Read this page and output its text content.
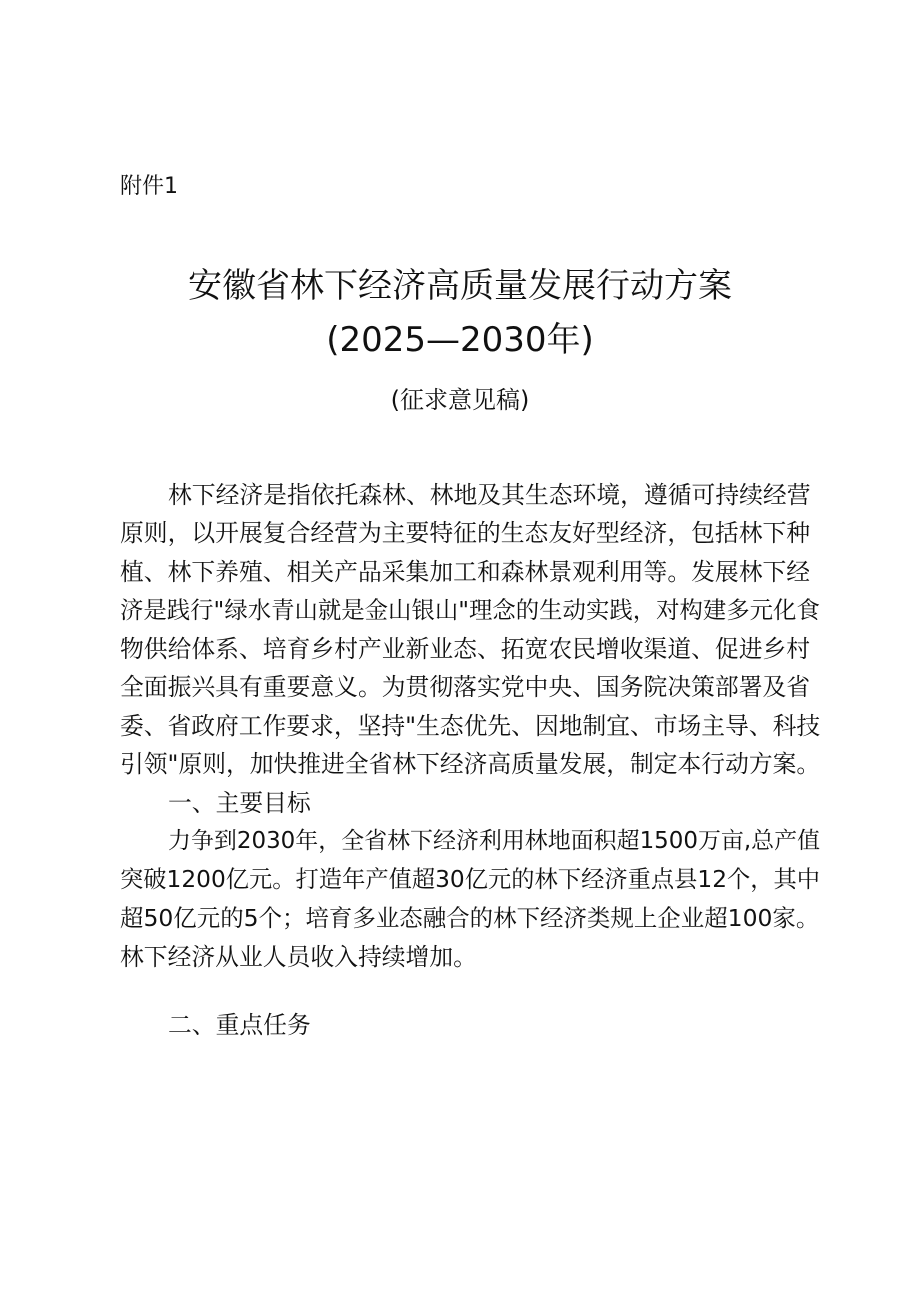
附件1
安徽省林下经济高质量发展行动方案
(2025—2030年)
(征求意见稿)
林下经济是指依托森林、林地及其生态环境，遵循可持续经营
原则，以开展复合经营为主要特征的生态友好型经济，包括林下种
植、林下养殖、相关产品采集加工和森林景观利用等。发展林下经
济是践行"绿水青山就是金山银山"理念的生动实践，对构建多元化食
物供给体系、培育乡村产业新业态、拓宽农民增收渠道、促进乡村
全面振兴具有重要意义。为贯彻落实党中央、国务院决策部署及省
委、省政府工作要求，坚持"生态优先、因地制宜、市场主导、科技
引领"原则，加快推进全省林下经济高质量发展，制定本行动方案。
一、主要目标
力争到2030年，全省林下经济利用林地面积超1500万亩,总产值
突破1200亿元。打造年产值超30亿元的林下经济重点县12个，其中
超50亿元的5个；培育多业态融合的林下经济类规上企业超100家。
林下经济从业人员收入持续增加。
二、重点任务
